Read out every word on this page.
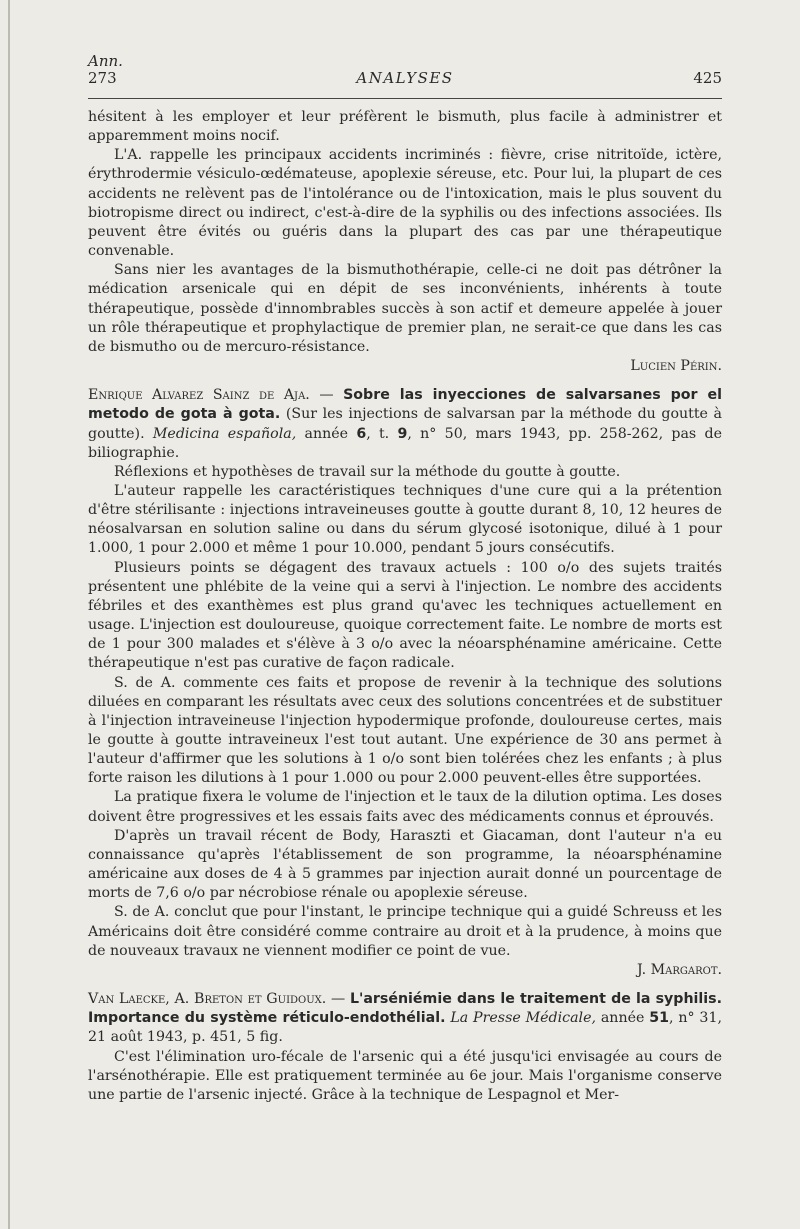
Ann.
273	ANALYSES	425

hésitent à les employer et leur préfèrent le bismuth, plus facile à administrer et apparemment moins nocif.

L'A. rappelle les principaux accidents incriminés : fièvre, crise nitritoïde, ictère, érythrodermie vésiculo-œdémateuse, apoplexie séreuse, etc. Pour lui, la plupart de ces accidents ne relèvent pas de l'intolérance ou de l'intoxication, mais le plus souvent du biotropisme direct ou indirect, c'est-à-dire de la syphilis ou des infections associées. Ils peuvent être évités ou guéris dans la plupart des cas par une thérapeutique convenable.

Sans nier les avantages de la bismuthothérapie, celle-ci ne doit pas détrôner la médication arsenicale qui en dépit de ses inconvénients, inhérents à toute thérapeutique, possède d'innombrables succès à son actif et demeure appelée à jouer un rôle thérapeutique et prophylactique de premier plan, ne serait-ce que dans les cas de bismutho ou de mercuro-résistance.

Lucien Périn.

Enrique Alvarez Sainz de Aja. — Sobre las inyecciones de salvarsanes por el metodo de gota à gota. (Sur les injections de salvarsan par la méthode du goutte à goutte). Medicina española, année 6, t. 9, n° 50, mars 1943, pp. 258-262, pas de biliographie.

Réflexions et hypothèses de travail sur la méthode du goutte à goutte.

L'auteur rappelle les caractéristiques techniques d'une cure qui a la prétention d'être stérilisante : injections intraveineuses goutte à goutte durant 8, 10, 12 heures de néosalvarsan en solution saline ou dans du sérum glycosé isotonique, dilué à 1 pour 1.000, 1 pour 2.000 et même 1 pour 10.000, pendant 5 jours consécutifs.

Plusieurs points se dégagent des travaux actuels : 100 o/o des sujets traités présentent une phlébite de la veine qui a servi à l'injection. Le nombre des accidents fébriles et des exanthèmes est plus grand qu'avec les techniques actuellement en usage. L'injection est douloureuse, quoique correctement faite. Le nombre de morts est de 1 pour 300 malades et s'élève à 3 o/o avec la néoarsphénamine américaine. Cette thérapeutique n'est pas curative de façon radicale.

S. de A. commente ces faits et propose de revenir à la technique des solutions diluées en comparant les résultats avec ceux des solutions concentrées et de substituer à l'injection intraveineuse l'injection hypodermique profonde, douloureuse certes, mais le goutte à goutte intraveineux l'est tout autant. Une expérience de 30 ans permet à l'auteur d'affirmer que les solutions à 1 o/o sont bien tolérées chez les enfants ; à plus forte raison les dilutions à 1 pour 1.000 ou pour 2.000 peuvent-elles être supportées.

La pratique fixera le volume de l'injection et le taux de la dilution optima. Les doses doivent être progressives et les essais faits avec des médicaments connus et éprouvés.

D'après un travail récent de Body, Haraszti et Giacaman, dont l'auteur n'a eu connaissance qu'après l'établissement de son programme, la néoarsphénamine américaine aux doses de 4 à 5 grammes par injection aurait donné un pourcentage de morts de 7,6 o/o par nécrobiose rénale ou apoplexie séreuse.

S. de A. conclut que pour l'instant, le principe technique qui a guidé Schreuss et les Américains doit être considéré comme contraire au droit et à la prudence, à moins que de nouveaux travaux ne viennent modifier ce point de vue.

J. Margarot.

Van Laecke, A. Breton et Guidoux. — L'arséniémie dans le traitement de la syphilis. Importance du système réticulo-endothélial. La Presse Médicale, année 51, n° 31, 21 août 1943, p. 451, 5 fig.

C'est l'élimination uro-fécale de l'arsenic qui a été jusqu'ici envisagée au cours de l'arsénothérapie. Elle est pratiquement terminée au 6e jour. Mais l'organisme conserve une partie de l'arsenic injecté. Grâce à la technique de Lespagnol et Mer-
